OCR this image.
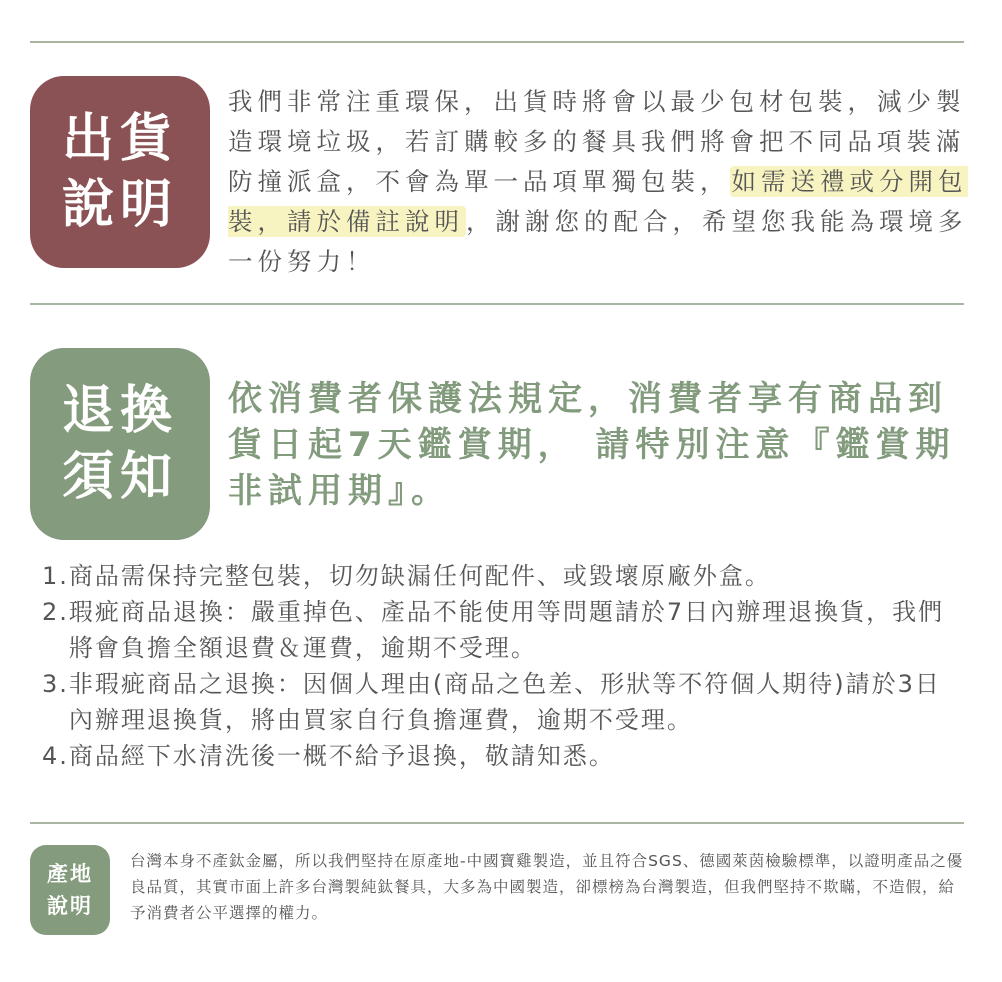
出貨
說明
我們非常注重環保，出貨時將會以最少包材包裝，減少製造環境垃圾，若訂購較多的餐具我們將會把不同品項裝滿防撞派盒，不會為單一品項單獨包裝，如需送禮或分開包裝，請於備註說明，謝謝您的配合，希望您我能為環境多一份努力！
退換
須知
依消費者保護法規定，消費者享有商品到貨日起7天鑑賞期， 請特別注意『鑑賞期非試用期』。
1. 商品需保持完整包裝，切勿缺漏任何配件、或毀壞原廠外盒。
2. 瑕疵商品退換：嚴重掉色、產品不能使用等問題請於7日內辦理退換貨，我們將會負擔全額退費＆運費，逾期不受理。
3. 非瑕疵商品之退換：因個人理由(商品之色差、形狀等不符個人期待)請於3日內辦理退換貨，將由買家自行負擔運費，逾期不受理。
4. 商品經下水清洗後一概不給予退換，敬請知悉。
產地
說明
台灣本身不產鈦金屬，所以我們堅持在原產地-中國寶雞製造，並且符合SGS、德國萊茵檢驗標準，以證明產品之優良品質，其實市面上許多台灣製純鈦餐具，大多為中國製造，卻標榜為台灣製造，但我們堅持不欺瞞，不造假，給予消費者公平選擇的權力。
